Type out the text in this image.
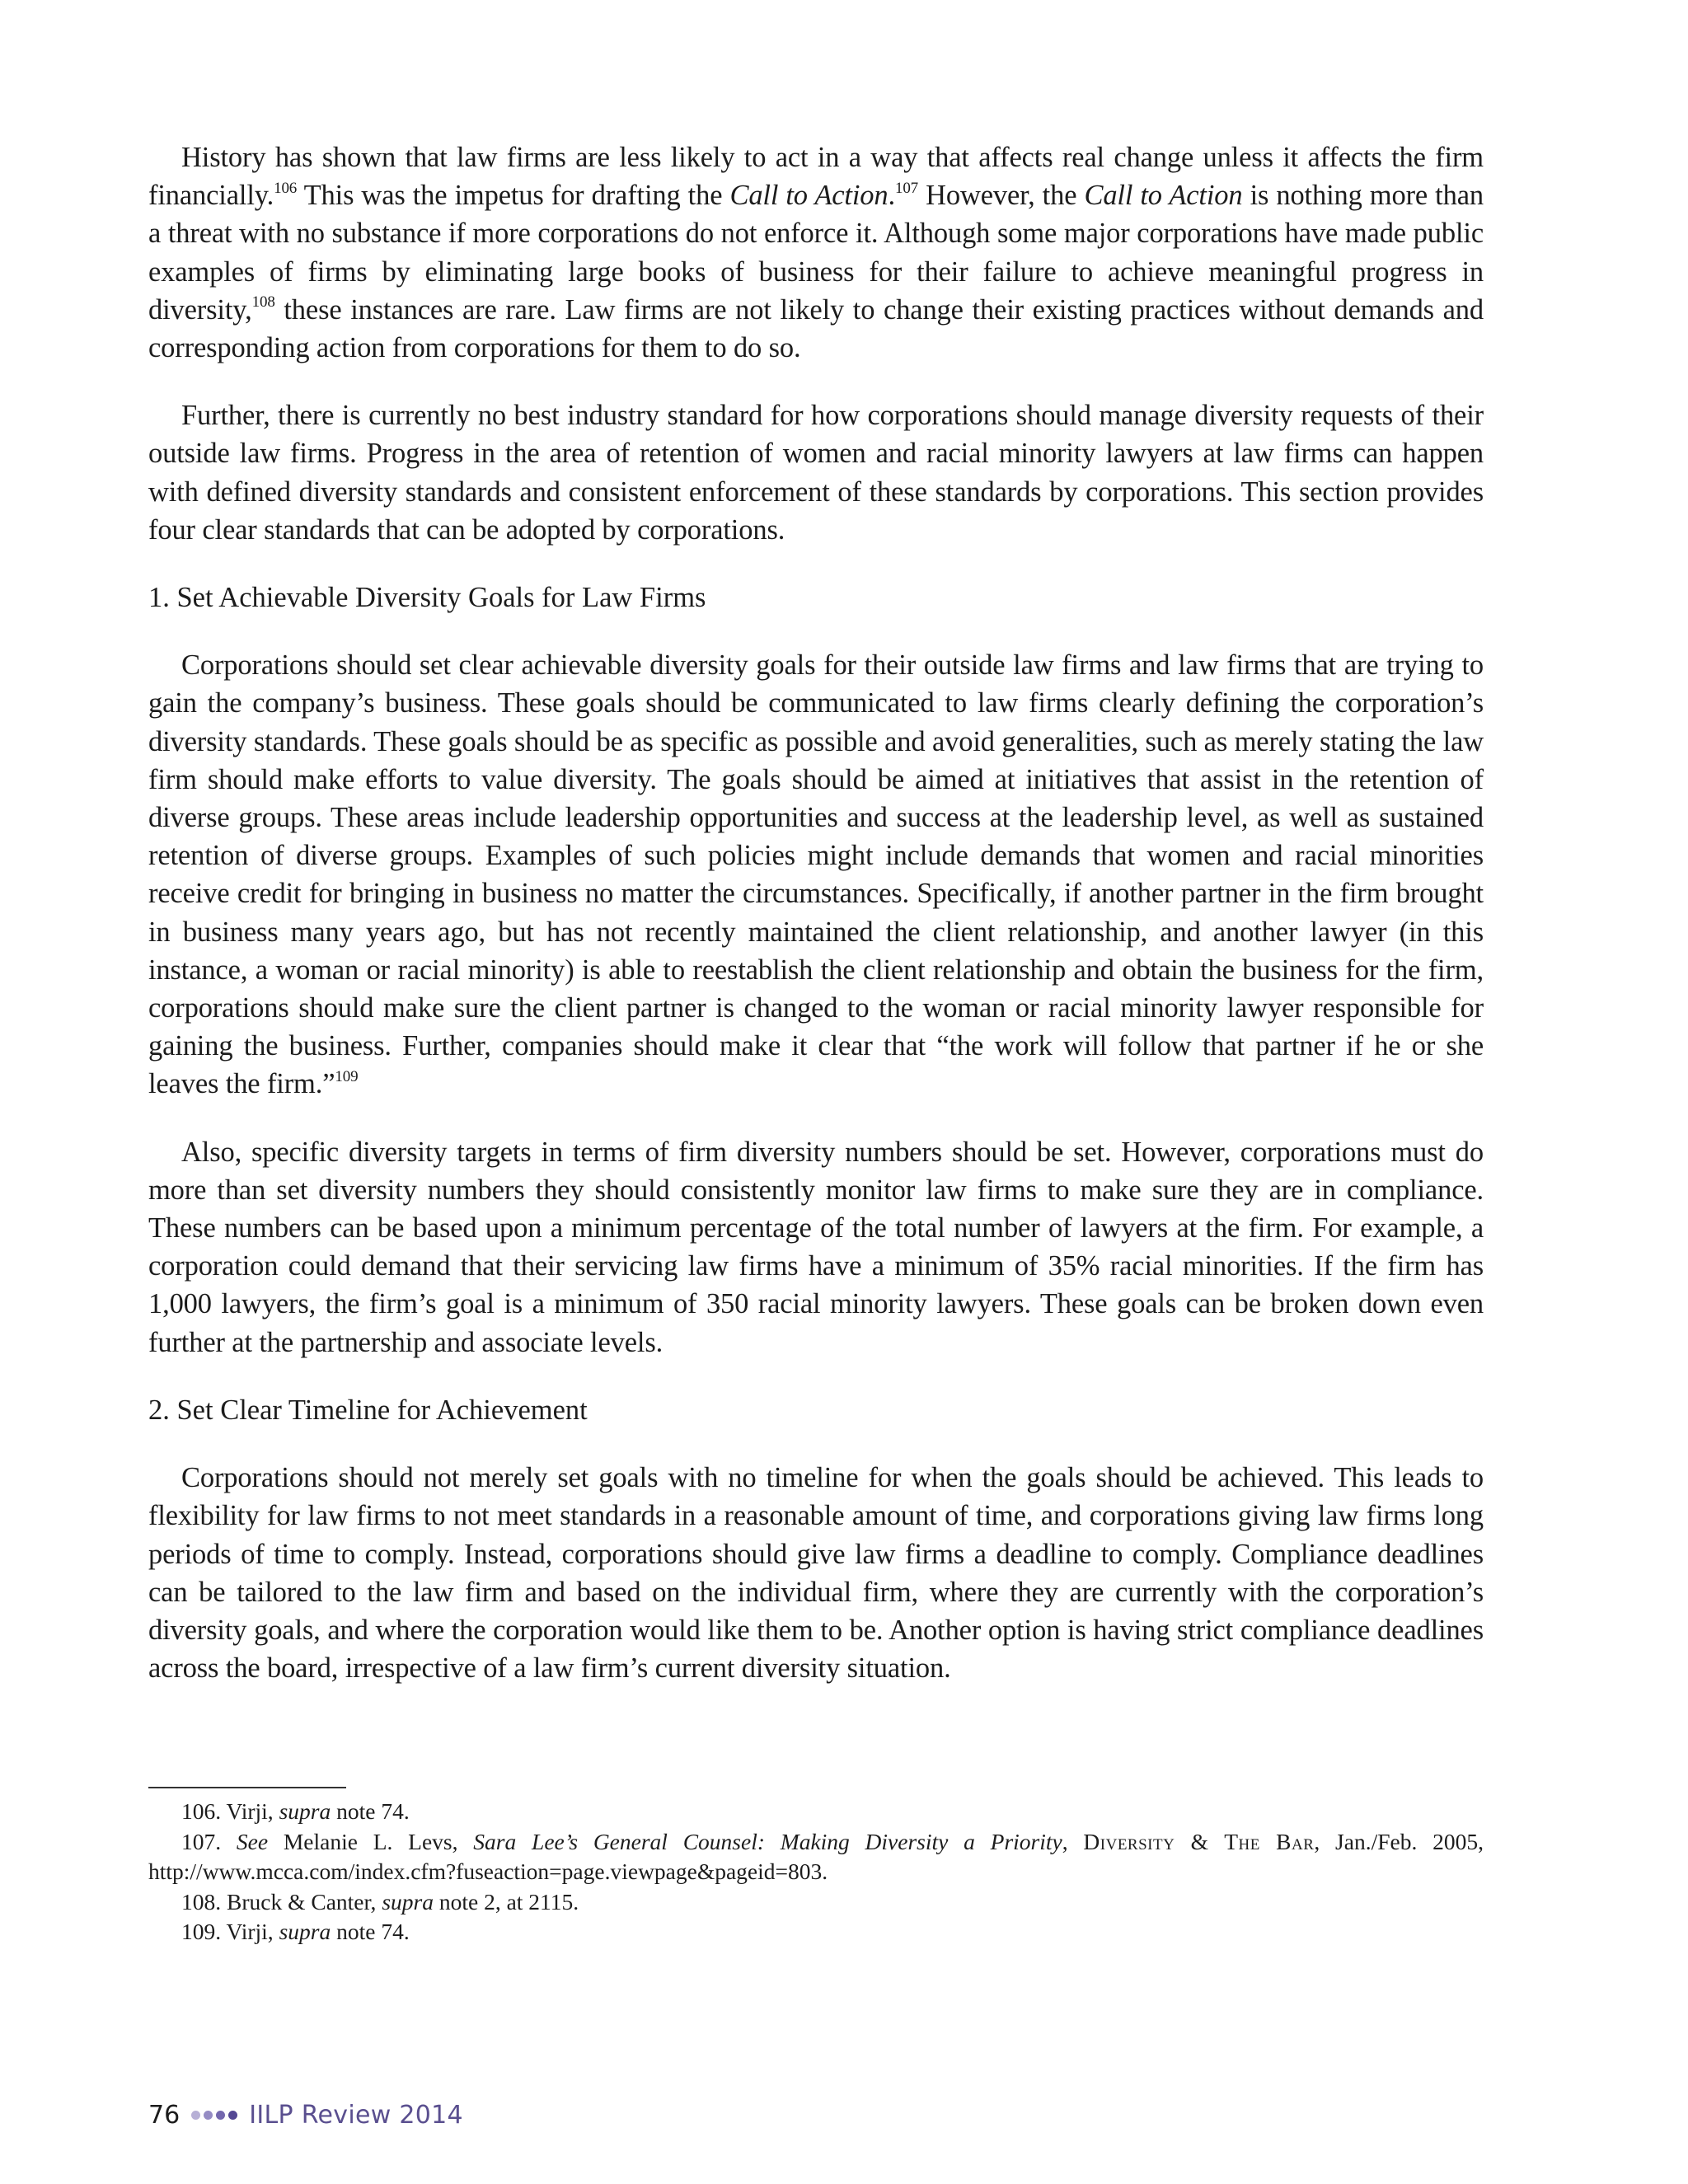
History has shown that law firms are less likely to act in a way that affects real change unless it affects the firm financially.$^{106}$ This was the impetus for drafting the Call to Action.$^{107}$ However, the Call to Action is nothing more than a threat with no substance if more corporations do not enforce it. Although some major corporations have made public examples of firms by eliminating large books of business for their failure to achieve meaningful progress in diversity,$^{108}$ these instances are rare. Law firms are not likely to change their existing practices without demands and corresponding action from corporations for them to do so.

Further, there is currently no best industry standard for how corporations should manage diversity requests of their outside law firms. Progress in the area of retention of women and racial minority lawyers at law firms can happen with defined diversity standards and consistent enforcement of these standards by corporations. This section provides four clear standards that can be adopted by corporations.

1. Set Achievable Diversity Goals for Law Firms

Corporations should set clear achievable diversity goals for their outside law firms and law firms that are trying to gain the company’s business. These goals should be communicated to law firms clearly defining the corporation’s diversity standards. These goals should be as specific as possible and avoid generalities, such as merely stating the law firm should make efforts to value diversity. The goals should be aimed at initiatives that assist in the retention of diverse groups. These areas include leadership opportunities and success at the leadership level, as well as sustained retention of diverse groups. Examples of such policies might include demands that women and racial minorities receive credit for bringing in business no matter the circumstances. Specifically, if another partner in the firm brought in business many years ago, but has not recently maintained the client relationship, and another lawyer (in this instance, a woman or racial minority) is able to reestablish the client relationship and obtain the business for the firm, corporations should make sure the client partner is changed to the woman or racial minority lawyer responsible for gaining the business. Further, companies should make it clear that “the work will follow that partner if he or she leaves the firm.”$^{109}$

Also, specific diversity targets in terms of firm diversity numbers should be set. However, corporations must do more than set diversity numbers they should consistently monitor law firms to make sure they are in compliance. These numbers can be based upon a minimum percentage of the total number of lawyers at the firm. For example, a corporation could demand that their servicing law firms have a minimum of 35% racial minorities. If the firm has 1,000 lawyers, the firm’s goal is a minimum of 350 racial minority lawyers. These goals can be broken down even further at the partnership and associate levels.

2. Set Clear Timeline for Achievement

Corporations should not merely set goals with no timeline for when the goals should be achieved. This leads to flexibility for law firms to not meet standards in a reasonable amount of time, and corporations giving law firms long periods of time to comply. Instead, corporations should give law firms a deadline to comply. Compliance deadlines can be tailored to the law firm and based on the individual firm, where they are currently with the corporation’s diversity goals, and where the corporation would like them to be. Another option is having strict compliance deadlines across the board, irrespective of a law firm’s current diversity situation.

106. Virji, supra note 74.

107. See Melanie L. Levs, Sara Lee’s General Counsel: Making Diversity a Priority, Diversity & The Bar, Jan./Feb. 2005, http://www.mcca.com/index.cfm?fuseaction=page.viewpage&pageid=803.

108. Bruck & Canter, supra note 2, at 2115.

109. Virji, supra note 74.

76	IILP Review 2014
